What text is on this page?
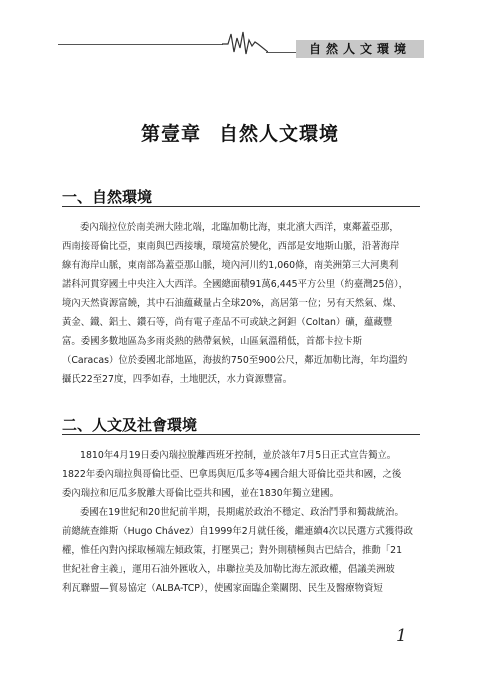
自然人文環境
第壹章 自然人文環境
一、自然環境
委內瑞拉位於南美洲大陸北端，北臨加勒比海，東北濱大西洋，東鄰蓋亞那，
西南接哥倫比亞，東南與巴西接壤，環境富於變化，西部是安地斯山脈，沿著海岸
線有海岸山脈，東南部為蓋亞那山脈，境內河川約1,060條，南美洲第三大河奧利
諾科河貫穿國土中央注入大西洋。全國總面積91萬6,445平方公里（約臺灣25倍），
境內天然資源富饒，其中石油蘊藏量占全球20%，高居第一位；另有天然氣、煤、
黃金、鐵、鋁土、鑽石等，尚有電子產品不可或缺之鈳鉭（Coltan）礦，蘊藏豐
富。委國多數地區為多雨炎熱的熱帶氣候，山區氣溫稍低，首都卡拉卡斯
（Caracas）位於委國北部地區，海拔約750至900公尺，鄰近加勒比海，年均溫約
攝氏22至27度，四季如春，土地肥沃，水力資源豐富。
二、人文及社會環境
1810年4月19日委內瑞拉脫離西班牙控制，並於該年7月5日正式宣告獨立。
1822年委內瑞拉與哥倫比亞、巴拿馬與厄瓜多等4國合組大哥倫比亞共和國，之後
委內瑞拉和厄瓜多脫離大哥倫比亞共和國，並在1830年獨立建國。
委國在19世紀和20世紀前半期，長期處於政治不穩定、政治鬥爭和獨裁統治。
前總統查維斯（Hugo Chávez）自1999年2月就任後，繼連續4次以民選方式獲得政
權，惟任內對內採取極端左傾政策，打壓異己；對外則積極與古巴結合，推動「21
世紀社會主義」，運用石油外匯收入，串聯拉美及加勒比海左派政權，倡議美洲玻
利瓦聯盟—貿易協定（ALBA-TCP），使國家面臨企業關閉、民生及醫療物資短
1
